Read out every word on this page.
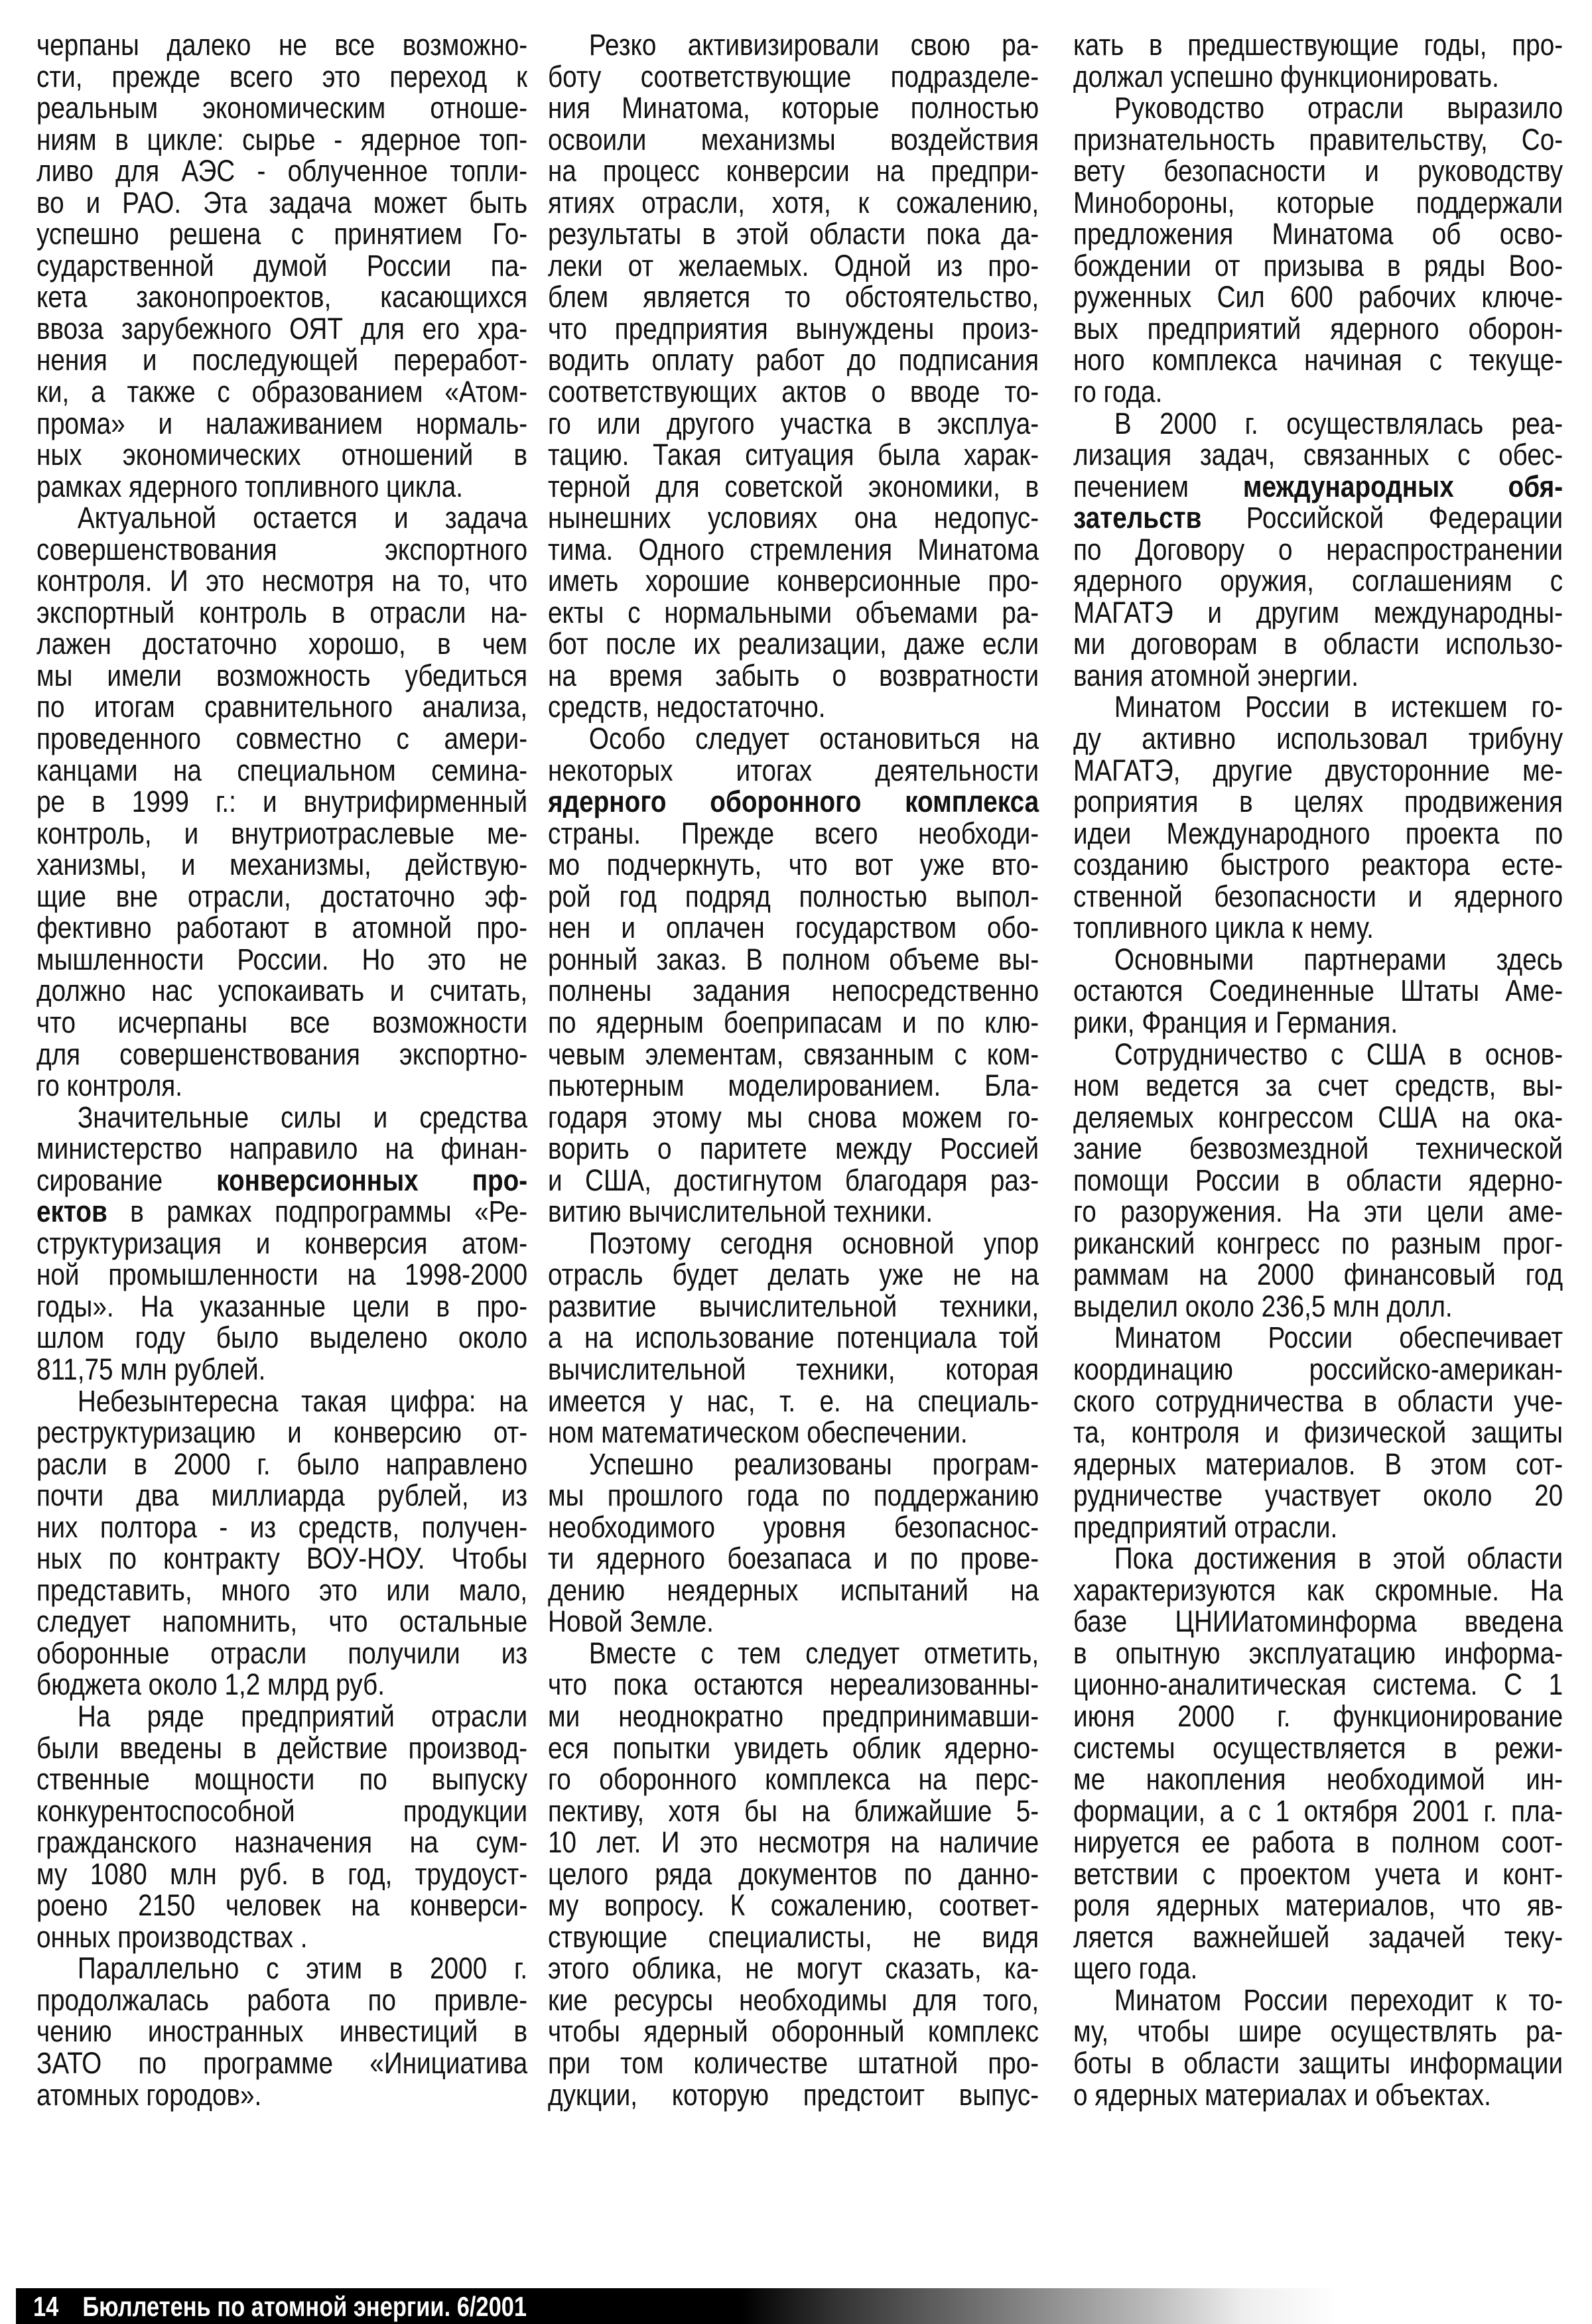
черпаны далеко не все возможно-
сти, прежде всего это переход к
реальным экономическим отноше-
ниям в цикле: сырье - ядерное топ-
ливо для АЭС - облученное топли-
во и РАО. Эта задача может быть
успешно решена с принятием Го-
сударственной думой России па-
кета законопроектов, касающихся
ввоза зарубежного ОЯТ для его хра-
нения и последующей переработ-
ки, а также с образованием «Атом-
прома» и налаживанием нормаль-
ных экономических отношений в
рамках ядерного топливного цикла.
Актуальной остается и задача
совершенствования экспортного
контроля. И это несмотря на то, что
экспортный контроль в отрасли на-
лажен достаточно хорошо, в чем
мы имели возможность убедиться
по итогам сравнительного анализа,
проведенного совместно с амери-
канцами на специальном семина-
ре в 1999 г.: и внутрифирменный
контроль, и внутриотраслевые ме-
ханизмы, и механизмы, действую-
щие вне отрасли, достаточно эф-
фективно работают в атомной про-
мышленности России. Но это не
должно нас успокаивать и считать,
что исчерпаны все возможности
для совершенствования экспортно-
го контроля.
Значительные силы и средства
министерство направило на финан-
сирование конверсионных про-
ектов в рамках подпрограммы «Ре-
структуризация и конверсия атом-
ной промышленности на 1998-2000
годы». На указанные цели в про-
шлом году было выделено около
811,75 млн рублей.
Небезынтересна такая цифра: на
реструктуризацию и конверсию от-
расли в 2000 г. было направлено
почти два миллиарда рублей, из
них полтора - из средств, получен-
ных по контракту ВОУ-НОУ. Чтобы
представить, много это или мало,
следует напомнить, что остальные
оборонные отрасли получили из
бюджета около 1,2 млрд руб.
На ряде предприятий отрасли
были введены в действие производ-
ственные мощности по выпуску
конкурентоспособной продукции
гражданского назначения на сум-
му 1080 млн руб. в год, трудоуст-
роено 2150 человек на конверси-
онных производствах .
Параллельно с этим в 2000 г.
продолжалась работа по привле-
чению иностранных инвестиций в
ЗАТО по программе «Инициатива
атомных городов».
Резко активизировали свою ра-
боту соответствующие подразделе-
ния Минатома, которые полностью
освоили механизмы воздействия
на процесс конверсии на предпри-
ятиях отрасли, хотя, к сожалению,
результаты в этой области пока да-
леки от желаемых. Одной из про-
блем является то обстоятельство,
что предприятия вынуждены произ-
водить оплату работ до подписания
соответствующих актов о вводе то-
го или другого участка в эксплуа-
тацию. Такая ситуация была харак-
терной для советской экономики, в
нынешних условиях она недопус-
тима. Одного стремления Минатома
иметь хорошие конверсионные про-
екты с нормальными объемами ра-
бот после их реализации, даже если
на время забыть о возвратности
средств, недостаточно.
Особо следует остановиться на
некоторых итогах деятельности
ядерного оборонного комплекса
страны. Прежде всего необходи-
мо подчеркнуть, что вот уже вто-
рой год подряд полностью выпол-
нен и оплачен государством обо-
ронный заказ. В полном объеме вы-
полнены задания непосредственно
по ядерным боеприпасам и по клю-
чевым элементам, связанным с ком-
пьютерным моделированием. Бла-
годаря этому мы снова можем го-
ворить о паритете между Россией
и США, достигнутом благодаря раз-
витию вычислительной техники.
Поэтому сегодня основной упор
отрасль будет делать уже не на
развитие вычислительной техники,
а на использование потенциала той
вычислительной техники, которая
имеется у нас, т. е. на специаль-
ном математическом обеспечении.
Успешно реализованы програм-
мы прошлого года по поддержанию
необходимого уровня безопаснос-
ти ядерного боезапаса и по прове-
дению неядерных испытаний на
Новой Земле.
Вместе с тем следует отметить,
что пока остаются нереализованны-
ми неоднократно предпринимавши-
еся попытки увидеть облик ядерно-
го оборонного комплекса на перс-
пективу, хотя бы на ближайшие 5-
10 лет. И это несмотря на наличие
целого ряда документов по данно-
му вопросу. К сожалению, соответ-
ствующие специалисты, не видя
этого облика, не могут сказать, ка-
кие ресурсы необходимы для того,
чтобы ядерный оборонный комплекс
при том количестве штатной про-
дукции, которую предстоит выпус-
кать в предшествующие годы, про-
должал успешно функционировать.
Руководство отрасли выразило
признательность правительству, Со-
вету безопасности и руководству
Минобороны, которые поддержали
предложения Минатома об осво-
бождении от призыва в ряды Воо-
руженных Сил 600 рабочих ключе-
вых предприятий ядерного оборон-
ного комплекса начиная с текуще-
го года.
В 2000 г. осуществлялась реа-
лизация задач, связанных с обес-
печением международных обя-
зательств Российской Федерации
по Договору о нераспространении
ядерного оружия, соглашениям с
МАГАТЭ и другим международны-
ми договорам в области использо-
вания атомной энергии.
Минатом России в истекшем го-
ду активно использовал трибуну
МАГАТЭ, другие двусторонние ме-
роприятия в целях продвижения
идеи Международного проекта по
созданию быстрого реактора есте-
ственной безопасности и ядерного
топливного цикла к нему.
Основными партнерами здесь
остаются Соединенные Штаты Аме-
рики, Франция и Германия.
Сотрудничество с США в основ-
ном ведется за счет средств, вы-
деляемых конгрессом США на ока-
зание безвозмездной технической
помощи России в области ядерно-
го разоружения. На эти цели аме-
риканский конгресс по разным прог-
раммам на 2000 финансовый год
выделил около 236,5 млн долл.
Минатом России обеспечивает
координацию российско-американ-
ского сотрудничества в области уче-
та, контроля и физической защиты
ядерных материалов. В этом сот-
рудничестве участвует около 20
предприятий отрасли.
Пока достижения в этой области
характеризуются как скромные. На
базе ЦНИИатоминформа введена
в опытную эксплуатацию информа-
ционно-аналитическая система. С 1
июня 2000 г. функционирование
системы осуществляется в режи-
ме накопления необходимой ин-
формации, а с 1 октября 2001 г. пла-
нируется ее работа в полном соот-
ветствии с проектом учета и конт-
роля ядерных материалов, что яв-
ляется важнейшей задачей теку-
щего года.
Минатом России переходит к то-
му, чтобы шире осуществлять ра-
боты в области защиты информации
о ядерных материалах и объектах.
14 Бюллетень по атомной энергии. 6/2001
